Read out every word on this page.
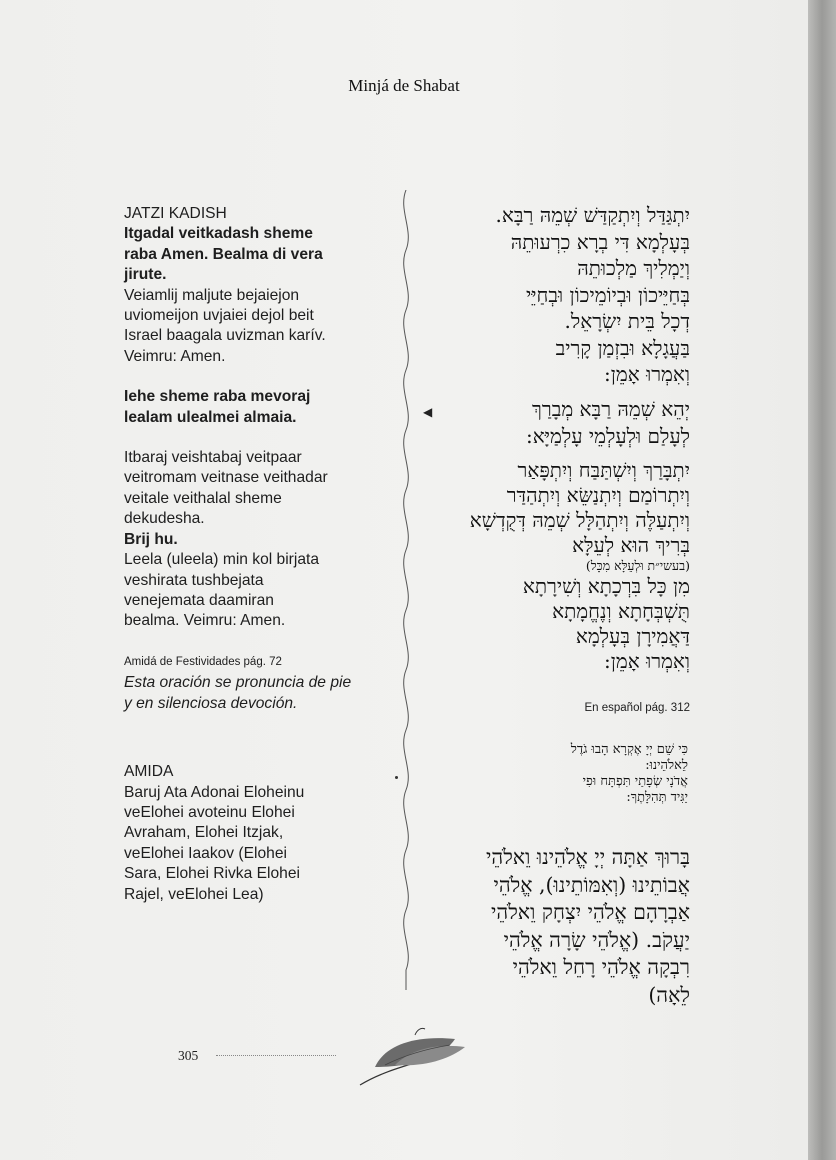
Minjá de Shabat

JATZI KADISH

Itgadal veitkadash sheme

raba Amen. Bealma di vera

jirute.

Veiamlij maljute bejaiejon

uviomeijon uvjaiei dejol beit

Israel baagala uvizman karív.

Veimru: Amen.

Iehe sheme raba mevoraj

lealam ulealmei almaia.

Itbaraj veishtabaj veitpaar

veitromam veitnase veithadar

veitale veithalal sheme

dekudesha.

Brij hu.

Leela (uleela) min kol birjata

veshirata tushbejata

venejemata daamiran

bealma. Veimru: Amen.

Amidá de Festividades pág. 72

Esta oración se pronuncia de pie

y en silenciosa devoción.

AMIDA

Baruj Ata Adonai Eloheinu

veElohei avoteinu Elohei

Avraham, Elohei Itzjak,

veElohei Iaakov (Elohei

Sara, Elohei Rivka Elohei

Rajel, veElohei Lea)

יִתְגַּדַּל וְיִתְקַדַּשׁ שְׁמֵהּ רַבָּא.
בְּעָלְמָא דִּי בְרָא כִרְעוּתֵהּ
וְיַמְלִיךְ מַלְכוּתֵהּ
בְּחַיֵּיכוֹן וּבְיוֹמֵיכוֹן וּבְחַיֵּי
דְכָל בֵּית יִשְׂרָאֵל.
בַּעֲגָלָא וּבִזְמַן קָרִיב
וְאִמְרוּ אָמֵן:
◀	יְהֵא שְׁמֵהּ רַבָּא מְבָרַךְ
לְעָלַם וּלְעָלְמֵי עָלְמַיָּא:
יִתְבָּרַךְ וְיִשְׁתַּבַּח וְיִתְפָּאַר
וְיִתְרוֹמַם וְיִתְנַשֵּׂא וְיִתְהַדַּר
וְיִתְעַלֶּה וְיִתְהַלָּל שְׁמֵהּ דְּקֻדְשָׁא
בְּרִיךְ הוּא לְעֵלָּא
(בעשי״ת וּלְעֵלָּא מִכָּל)
מִן כָּל בִּרְכָתָא וְשִׁירָתָא
תֻּשְׁבְּחָתָא וְנֶחֱמָתָא
דַּאֲמִירָן בְּעָלְמָא
וְאִמְרוּ אָמֵן:
En español pág. 312
כִּי שֵׁם יְיָ אֶקְרָא הָבוּ גֹדֶל
לֵאלֹהֵינוּ:
אֲדֹנָי שְׂפָתַי תִּפְתָּח וּפִי
יַגִּיד תְּהִלָּתֶךָ:
בָּרוּךְ אַתָּה יְיָ אֱלֹהֵינוּ וֵאלֹהֵי
אֲבוֹתֵינוּ (וְאִמּוֹתֵינוּ), אֱלֹהֵי
אַבְרָהָם אֱלֹהֵי יִצְחָק וֵאלֹהֵי
יַעֲקֹב. (אֱלֹהֵי שָׂרָה אֱלֹהֵי
רִבְקָה אֱלֹהֵי רָחֵל וֵאלֹהֵי
לֵאָה)
305
